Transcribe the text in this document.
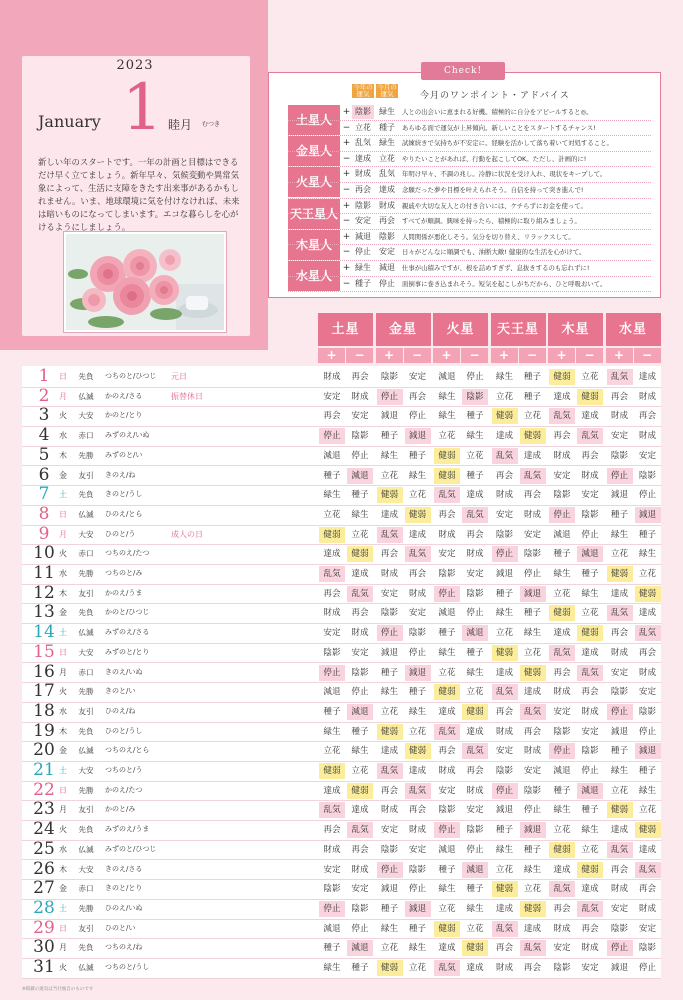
2023
January 1 睦月 むつき
新しい年のスタートです。一年の計画と目標はできるだけ早く立てましょう。新年早々、気候変動や異常気象によって、生活に支障をきたす出来事があるかもしれません。いま、地球環境に気を付けなければ、未来は暗いものになってしまいます。エコな暮らしを心がけるようにしましょう。
Check!
今年の運気
今月の運気	今月のワンポイント・アドバイス
土星人
+ 陰影	緑生	人との出会いに恵まれる好機。積極的に自分をアピールすると◎。
− 立花	種子	あらゆる面で運気が上昇傾向。新しいことをスタートするチャンス!
金星人
+ 乱気	緑生	試練続きで気持ちが不安定に。経験を活かして落ち着いて対処すること。
− 達成	立花	やりたいことがあれば、行動を起こしてOK。ただし、計画的に!
火星人
+ 財成	乱気	年明け早々、不調の兆し。冷静に状況を受け入れ、現状をキープして。
− 再会	達成	念願だった夢や目標を叶えられそう。自信を持って突き進んで!
天王星人
+ 陰影	財成	親戚や大切な友人との付き合いには、ケチらずにお金を使って。
− 安定	再会	すべてが順調。興味を持ったら、積極的に取り組みましょう。
木星人
+ 減退	陰影	人間関係が悪化しそう。気分を切り替え、リラックスして。
− 停止	安定	日々がどんなに順調でも、油断大敵! 健康的な生活を心がけて。
水星人
+ 緑生	減退	仕事が山積みですが、根を詰めすぎず、息抜きするのも忘れずに!
− 種子	停止	面倒事に巻き込まれそう。短気を起こしがちだから、ひと呼吸おいて。
土星
+	−
金星
+	−
火星
+	−
天王星
+	−
木星
+	−
水星
+	−
1	日	先負	つちのと/ひつじ	元日	財成	再会	陰影	安定	減退	停止	緑生	種子	健弱	立花	乱気	達成
2	月	仏滅	かのえ/さる	振替休日	安定	財成	停止	再会	緑生	陰影	立花	種子	達成	健弱	再会	財成
3	火	大安	かのと/とり	再会	安定	減退	停止	緑生	種子	健弱	立花	乱気	達成	財成	再会
4	水	赤口	みずのえ/いぬ	停止	陰影	種子	減退	立花	緑生	達成	健弱	再会	乱気	安定	財成
5	木	先勝	みずのと/い	減退	停止	緑生	種子	健弱	立花	乱気	達成	財成	再会	陰影	安定
6	金	友引	きのえ/ね	種子	減退	立花	緑生	健弱	種子	再会	乱気	安定	財成	停止	陰影
7	土	先負	きのと/うし	緑生	種子	健弱	立花	乱気	達成	財成	再会	陰影	安定	減退	停止
8	日	仏滅	ひのえ/とら	立花	緑生	達成	健弱	再会	乱気	安定	財成	停止	陰影	種子	減退
9	月	大安	ひのと/う	成人の日	健弱	立花	乱気	達成	財成	再会	陰影	安定	減退	停止	緑生	種子
10 火	赤口	つちのえ/たつ	達成	健弱	再会	乱気	安定	財成	停止	陰影	種子	減退	立花	緑生
11 水	先勝	つちのと/み	乱気	達成	財成	再会	陰影	安定	減退	停止	緑生	種子	健弱	立花
12 木	友引	かのえ/うま	再会	乱気	安定	財成	停止	陰影	種子	減退	立花	緑生	達成	健弱
13 金	先負	かのと/ひつじ	財成	再会	陰影	安定	減退	停止	緑生	種子	健弱	立花	乱気	達成
14 土	仏滅	みずのえ/さる	安定	財成	停止	陰影	種子	減退	立花	緑生	達成	健弱	再会	乱気
15 日	大安	みずのと/とり	陰影	安定	減退	停止	緑生	種子	健弱	立花	乱気	達成	財成	再会
16 月	赤口	きのえ/いぬ	停止	陰影	種子	減退	立花	緑生	達成	健弱	再会	乱気	安定	財成
17 火	先勝	きのと/い	減退	停止	緑生	種子	健弱	立花	乱気	達成	財成	再会	陰影	安定
18 水	友引	ひのえ/ね	種子	減退	立花	緑生	達成	健弱	再会	乱気	安定	財成	停止	陰影
19 木	先負	ひのと/うし	緑生	種子	健弱	立花	乱気	達成	財成	再会	陰影	安定	減退	停止
20 金	仏滅	つちのえ/とら	立花	緑生	達成	健弱	再会	乱気	安定	財成	停止	陰影	種子	減退
21 土	大安	つちのと/う	健弱	立花	乱気	達成	財成	再会	陰影	安定	減退	停止	緑生	種子
22 日	先勝	かのえ/たつ	達成	健弱	再会	乱気	安定	財成	停止	陰影	種子	減退	立花	緑生
23 月	友引	かのと/み	乱気	達成	財成	再会	陰影	安定	減退	停止	緑生	種子	健弱	立花
24 火	先負	みずのえ/うま	再会	乱気	安定	財成	停止	陰影	種子	減退	立花	緑生	達成	健弱
25 水	仏滅	みずのと/ひつじ	財成	再会	陰影	安定	減退	停止	緑生	種子	健弱	立花	乱気	達成
26 木	大安	きのえ/さる	安定	財成	停止	陰影	種子	減退	立花	緑生	達成	健弱	再会	乱気
27 金	赤口	きのと/とり	陰影	安定	減退	停止	緑生	種子	健弱	立花	乱気	達成	財成	再会
28 土	先勝	ひのえ/いぬ	停止	陰影	種子	減退	立花	緑生	達成	健弱	再会	乱気	安定	財成
29 日	友引	ひのと/い	減退	停止	緑生	種子	健弱	立花	乱気	達成	財成	再会	陰影	安定
30 月	先負	つちのえ/ね	種子	減退	立花	緑生	達成	健弱	再会	乱気	安定	財成	停止	陰影
31 火	仏滅	つちのと/うし	緑生	種子	健弱	立花	乱気	達成	財成	再会	陰影	安定	減退	停止
※掲載の運気は当社独自のものです
